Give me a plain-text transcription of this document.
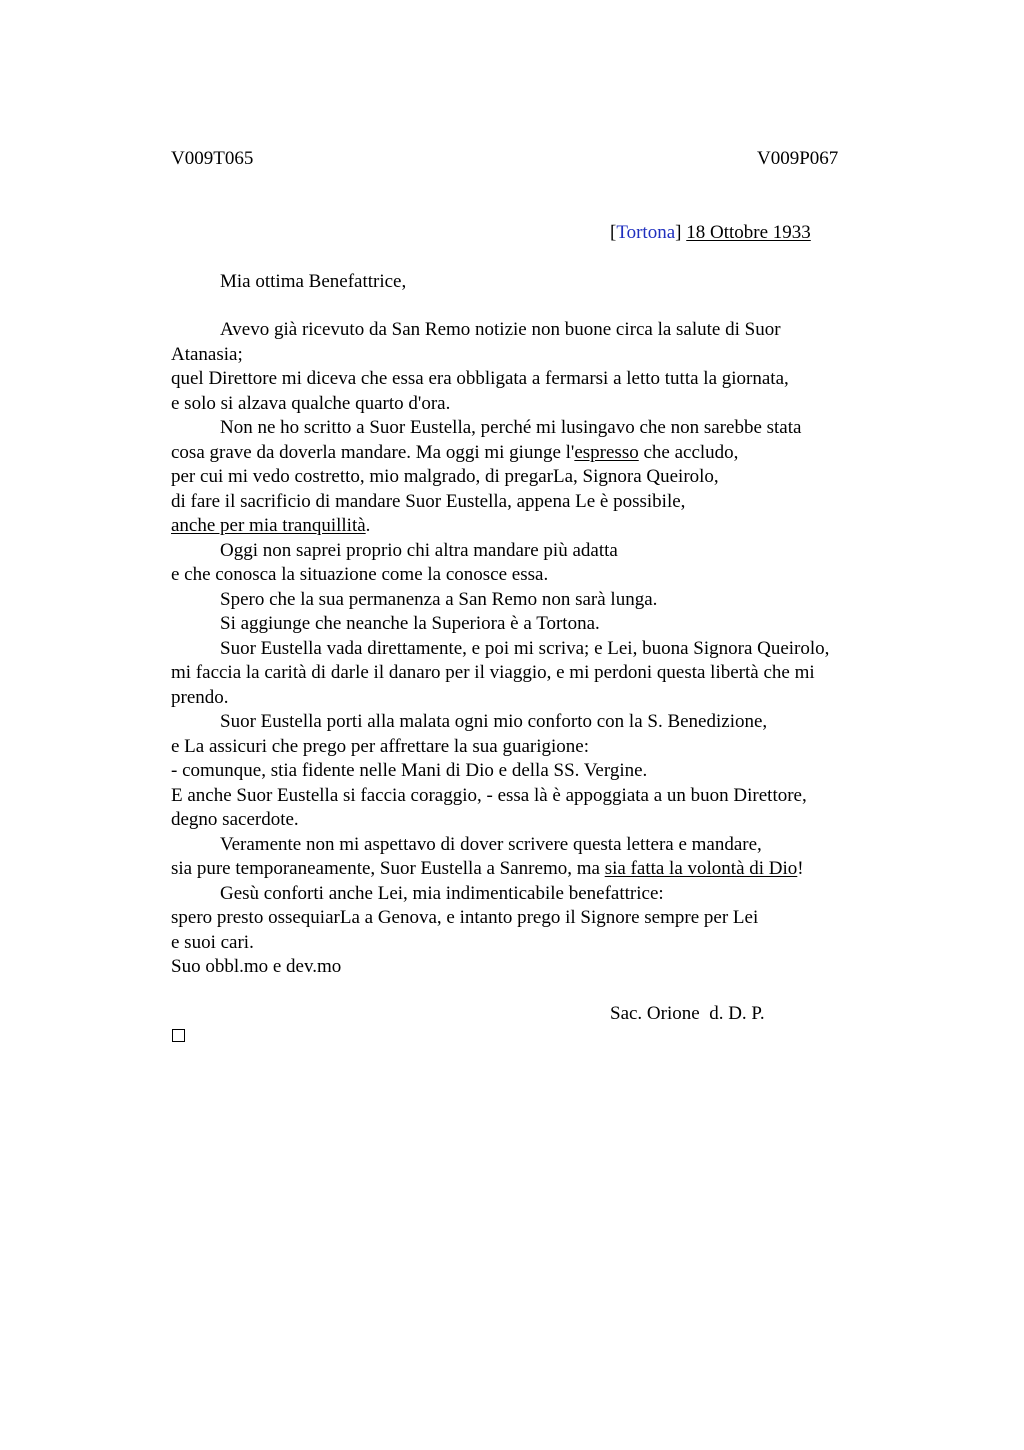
V009T065	V009P067
[Tortona] 18 Ottobre 1933
Mia ottima Benefattrice,
Avevo già ricevuto da San Remo notizie non buone circa la salute di Suor
Atanasia;
quel Direttore mi diceva che essa era obbligata a fermarsi a letto tutta la giornata,
e solo si alzava qualche quarto d'ora.
Non ne ho scritto a Suor Eustella, perché mi lusingavo che non sarebbe stata
cosa grave da doverla mandare. Ma oggi mi giunge l'espresso che accludo,
per cui mi vedo costretto, mio malgrado, di pregarLa, Signora Queirolo,
di fare il sacrificio di mandare Suor Eustella, appena Le è possibile,
anche per mia tranquillità.
Oggi non saprei proprio chi altra mandare più adatta
e che conosca la situazione come la conosce essa.
Spero che la sua permanenza a San Remo non sarà lunga.
Si aggiunge che neanche la Superiora è a Tortona.
Suor Eustella vada direttamente, e poi mi scriva; e Lei, buona Signora Queirolo,
mi faccia la carità di darle il danaro per il viaggio, e mi perdoni questa libertà che mi
prendo.
Suor Eustella porti alla malata ogni mio conforto con la S. Benedizione,
e La assicuri che prego per affrettare la sua guarigione:
- comunque, stia fidente nelle Mani di Dio e della SS. Vergine.
E anche Suor Eustella si faccia coraggio, - essa là è appoggiata a un buon Direttore,
degno sacerdote.
Veramente non mi aspettavo di dover scrivere questa lettera e mandare,
sia pure temporaneamente, Suor Eustella a Sanremo, ma sia fatta la volontà di Dio!
Gesù conforti anche Lei, mia indimenticabile benefattrice:
spero presto ossequiarLa a Genova, e intanto prego il Signore sempre per Lei
e suoi cari.
Suo obbl.mo e dev.mo
Sac. Orione  d. D. P.
